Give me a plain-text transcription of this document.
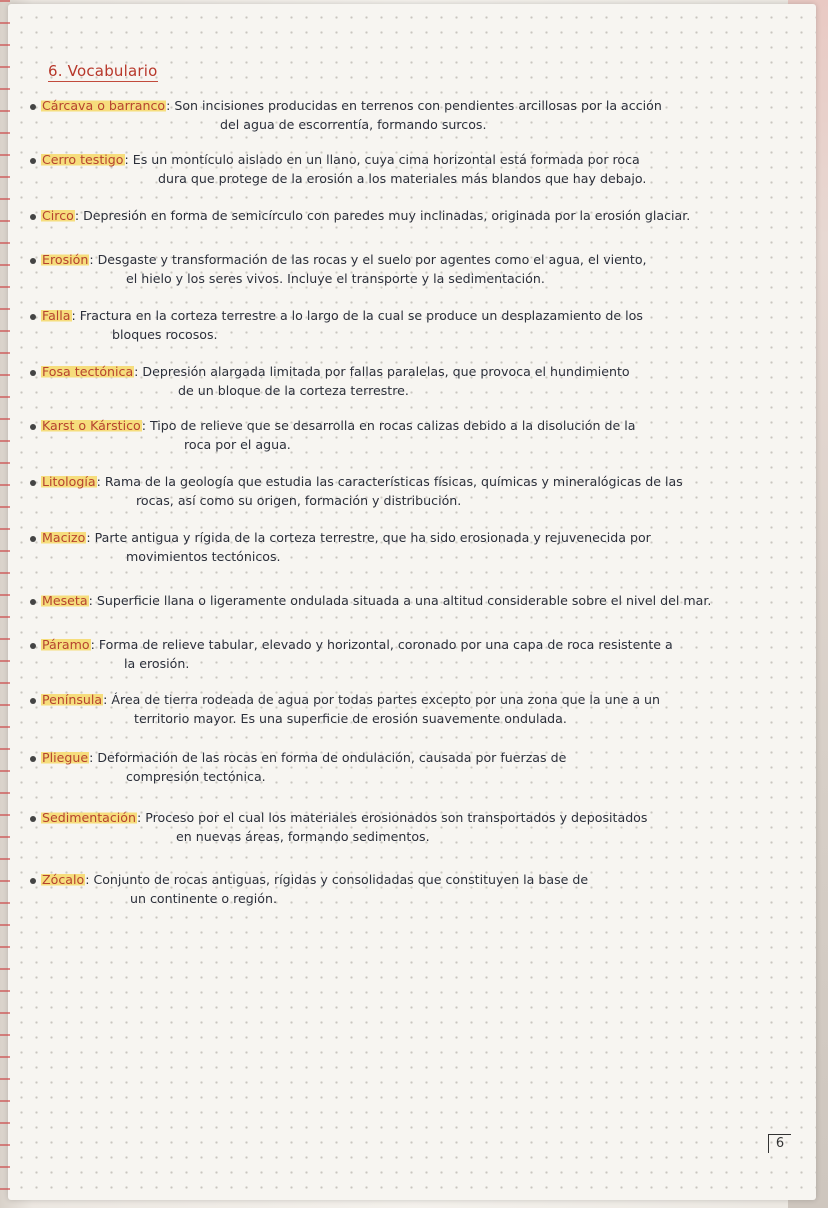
6. Vocabulario
Cárcava o barranco: Son incisiones producidas en terrenos con pendientes arcillosas por la acción
del agua de escorrentía, formando surcos.
Cerro testigo: Es un montículo aislado en un llano, cuya cima horizontal está formada por roca
dura que protege de la erosión a los materiales más blandos que hay debajo.
Circo: Depresión en forma de semicírculo con paredes muy inclinadas, originada por la erosión glaciar.
Erosión: Desgaste y transformación de las rocas y el suelo por agentes como el agua, el viento,
el hielo y los seres vivos. Incluye el transporte y la sedimentación.
Falla: Fractura en la corteza terrestre a lo largo de la cual se produce un desplazamiento de los
bloques rocosos.
Fosa tectónica: Depresión alargada limitada por fallas paralelas, que provoca el hundimiento
de un bloque de la corteza terrestre.
Karst o Kárstico: Tipo de relieve que se desarrolla en rocas calizas debido a la disolución de la
roca por el agua.
Litología: Rama de la geología que estudia las características físicas, químicas y mineralógicas de las
rocas, así como su origen, formación y distribución.
Macizo: Parte antigua y rígida de la corteza terrestre, que ha sido erosionada y rejuvenecida por
movimientos tectónicos.
Meseta: Superficie llana o ligeramente ondulada situada a una altitud considerable sobre el nivel del mar.
Páramo: Forma de relieve tabular, elevado y horizontal, coronado por una capa de roca resistente a
la erosión.
Península: Área de tierra rodeada de agua por todas partes excepto por una zona que la une a un
territorio mayor. Es una superficie de erosión suavemente ondulada.
Pliegue: Deformación de las rocas en forma de ondulación, causada por fuerzas de
compresión tectónica.
Sedimentación: Proceso por el cual los materiales erosionados son transportados y depositados
en nuevas áreas, formando sedimentos.
Zócalo: Conjunto de rocas antiguas, rígidas y consolidadas que constituyen la base de
un continente o región.
6
